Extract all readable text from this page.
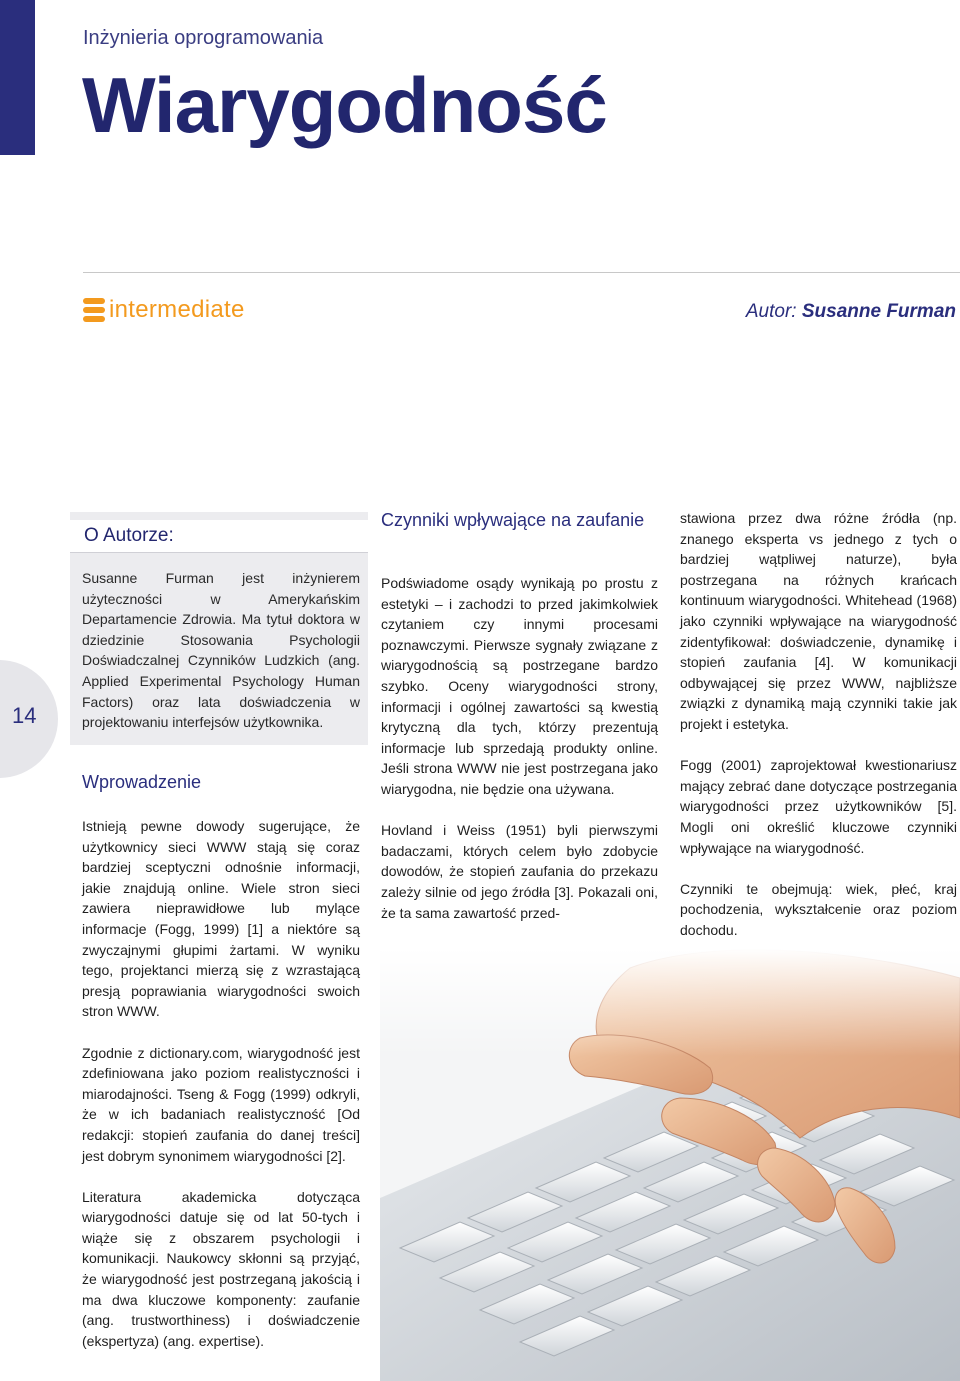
Inżynieria oprogramowania
Wiarygodność
intermediate	Autor: Susanne Furman
14
O Autorze:
Susanne Furman jest inżynierem użyteczności w Amerykańskim Departamencie Zdrowia. Ma tytuł doktora w dziedzinie Stosowania Psychologii Doświadczalnej Czynników Ludzkich (ang. Applied Experimental Psychology Human Factors) oraz lata doświadczenia w projektowaniu interfejsów użytkownika.
Wprowadzenie

Istnieją pewne dowody sugerujące, że użytkownicy sieci WWW stają się coraz bardziej sceptyczni odnośnie informacji, jakie znajdują online. Wiele stron sieci zawiera nieprawidłowe lub mylące informacje (Fogg, 1999) [1] a niektóre są zwyczajnymi głupimi żartami. W wyniku tego, projektanci mierzą się z wzrastającą presją poprawiania wiarygodności swoich stron WWW.

Zgodnie z dictionary.com, wiarygodność jest zdefiniowana jako poziom realistyczności i miarodajności. Tseng & Fogg (1999) odkryli, że w ich badaniach realistyczność [Od redakcji: stopień zaufania do danej treści] jest dobrym synonimem wiarygodności [2].

Literatura akademicka dotycząca wiarygodności datuje się od lat 50-tych i wiąże się z obszarem psychologii i komunikacji. Naukowcy skłonni są przyjąć, że wiarygodność jest postrzeganą jakością i ma dwa kluczowe komponenty: zaufanie (ang. trustworthiness) i doświadczenie (ekspertyza) (ang. expertise).

Czynniki wpływające na zaufanie

Podświadome osądy wynikają po prostu z estetyki – i zachodzi to przed jakimkolwiek czytaniem czy innymi procesami poznawczymi. Pierwsze sygnały związane z wiarygodnością są postrzegane bardzo szybko. Oceny wiarygodności strony, informacji i ogólnej zawartości są kwestią krytyczną dla tych, którzy prezentują informacje lub sprzedają produkty online. Jeśli strona WWW nie jest postrzegana jako wiarygodna, nie będzie ona używana.

Hovland i Weiss (1951) byli pierwszymi badaczami, których celem było zdobycie dowodów, że stopień zaufania do przekazu zależy silnie od jego źródła [3]. Pokazali oni, że ta sama zawartość przed-

stawiona przez dwa różne źródła (np. znanego eksperta vs jednego z tych o bardziej wątpliwej naturze), była postrzegana na różnych krańcach kontinuum wiarygodności. Whitehead (1968) jako czynniki wpływające na wiarygodność zidentyfikował: doświadczenie, dynamikę i stopień zaufania [4]. W komunikacji odbywającej się przez WWW, najbliższe związki z dynamiką mają czynniki takie jak projekt i estetyka.

Fogg (2001) zaprojektował kwestionariusz mający zebrać dane dotyczące postrzegania wiarygodności przez użytkowników [5]. Mogli oni określić kluczowe czynniki wpływające na wiarygodność.

Czynniki te obejmują: wiek, płeć, kraj pochodzenia, wykształcenie oraz poziom dochodu.
